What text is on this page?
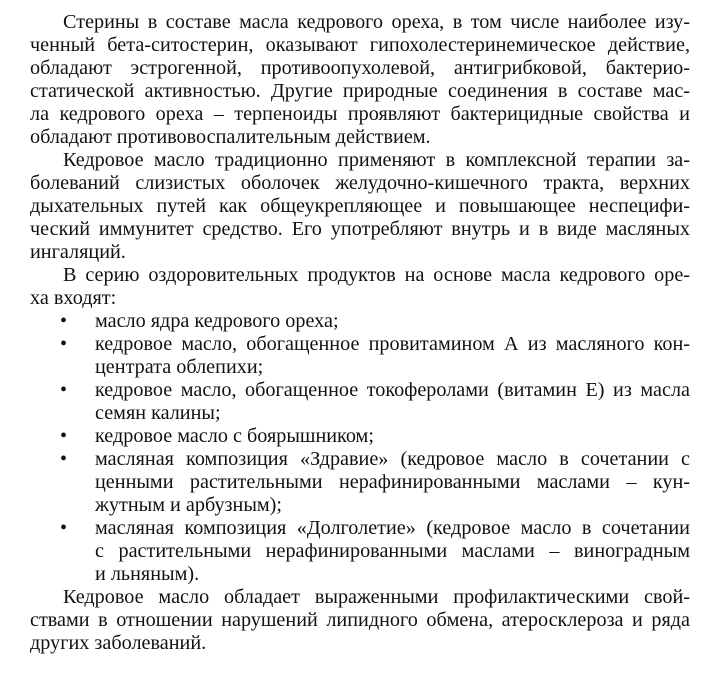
Стерины в составе масла кедрового ореха, в том числе наиболее изу-
ченный бета-ситостерин, оказывают гипохолестеринемическое действие,
обладают эстрогенной, противоопухолевой, антигрибковой, бактерио-
статической активностью. Другие природные соединения в составе мас-
ла кедрового ореха – терпеноиды проявляют бактерицидные свойства и
обладают противовоспалительным действием.
Кедровое масло традиционно применяют в комплексной терапии за-
болеваний слизистых оболочек желудочно-кишечного тракта, верхних
дыхательных путей как общеукрепляющее и повышающее неспецифи-
ческий иммунитет средство. Его употребляют внутрь и в виде масляных
ингаляций.
В серию оздоровительных продуктов на основе масла кедрового оре-
ха входят:
•	масло ядра кедрового ореха;
•	кедровое масло, обогащенное провитамином А из масляного кон-
центрата облепихи;
•	кедровое масло, обогащенное токоферолами (витамин Е) из масла
семян калины;
•	кедровое масло с боярышником;
•	масляная композиция «Здравие» (кедровое масло в сочетании с
ценными растительными нерафинированными маслами – кун-
жутным и арбузным);
•	масляная композиция «Долголетие» (кедровое масло в сочетании
с растительными нерафинированными маслами – виноградным
и льняным).
Кедровое масло обладает выраженными профилактическими свой-
ствами в отношении нарушений липидного обмена, атеросклероза и ряда
других заболеваний.
